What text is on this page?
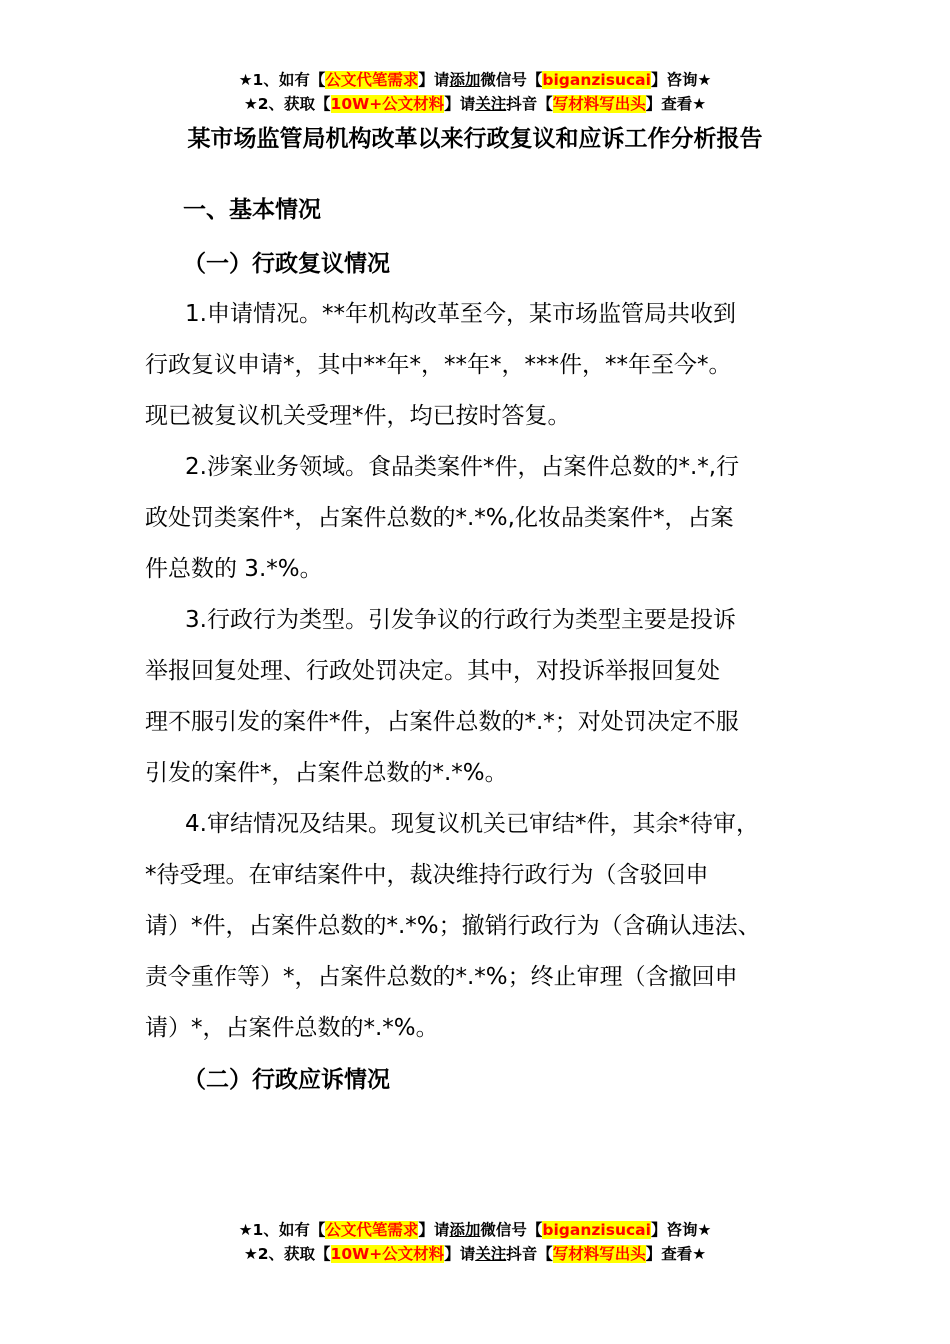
★1、如有【公文代笔需求】请添加微信号【biganzisucai】咨询★
★2、获取【10W+公文材料】请关注抖音【写材料写出头】查看★
某市场监管局机构改革以来行政复议和应诉工作分析报告
一、基本情况
（一）行政复议情况
1.申请情况。**年机构改革至今，某市场监管局共收到
行政复议申请*，其中**年*，**年*，***件，**年至今*。
现已被复议机关受理*件，均已按时答复。
2.涉案业务领域。食品类案件*件，占案件总数的*.*,行
政处罚类案件*，占案件总数的*.*%,化妆品类案件*，占案
件总数的 3.*%。
3.行政行为类型。引发争议的行政行为类型主要是投诉
举报回复处理、行政处罚决定。其中，对投诉举报回复处
理不服引发的案件*件，占案件总数的*.*；对处罚决定不服
引发的案件*，占案件总数的*.*%。
4.审结情况及结果。现复议机关已审结*件，其余*待审，
*待受理。在审结案件中，裁决维持行政行为（含驳回申
请）*件，占案件总数的*.*%；撤销行政行为（含确认违法、
责令重作等）*，占案件总数的*.*%；终止审理（含撤回申
请）*，占案件总数的*.*%。
（二）行政应诉情况
★1、如有【公文代笔需求】请添加微信号【biganzisucai】咨询★
★2、获取【10W+公文材料】请关注抖音【写材料写出头】查看★
